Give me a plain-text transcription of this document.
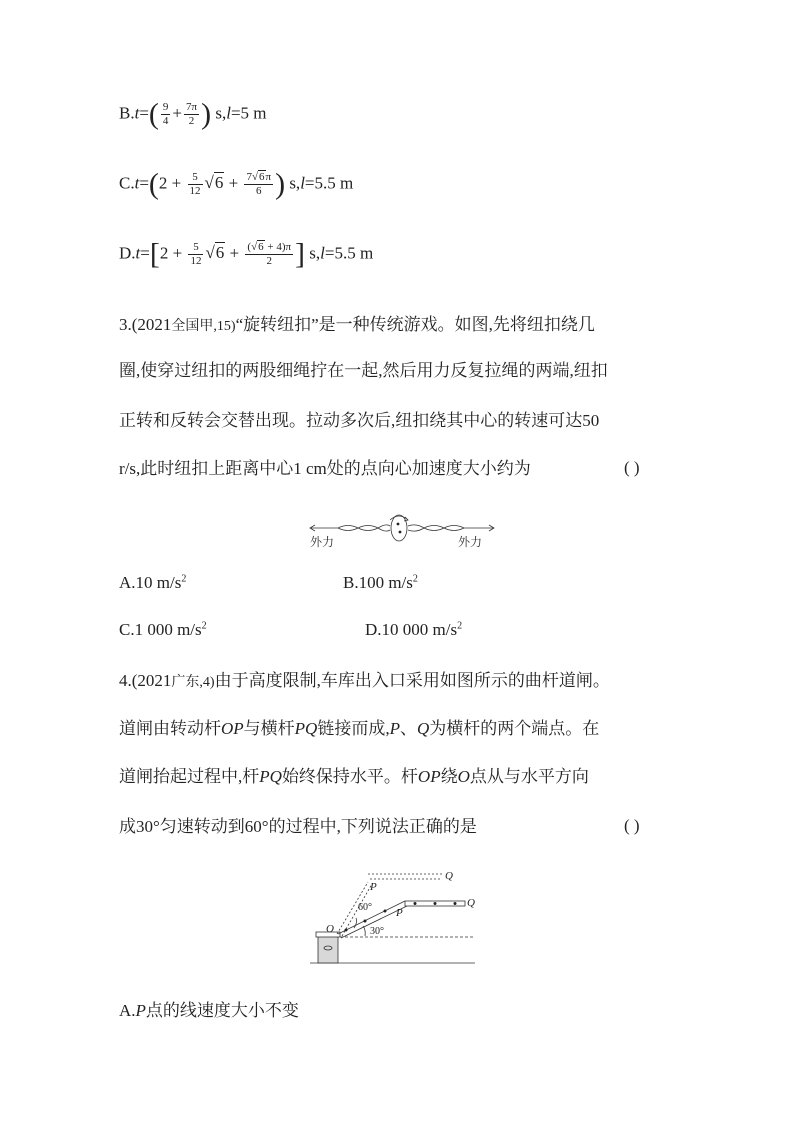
$B.t=( \frac{9}{4} + \frac{7\pi}{2}$ ) s,l=5 m
$C.t=(2 + \frac{5}{12} √6 + \frac{7√6\pi}{6}$ ) s,l=5.5 m
$D.t=[2 + \frac{5}{12} √6 + \frac{(√6 + 4)\pi}{2}$ ] s,l=5.5 m
3.(2021全国甲,15)“旋转纽扣”是一种传统游戏。如图,先将纽扣绕几
圈,使穿过纽扣的两股细绳拧在一起,然后用力反复拉绳的两端,纽扣
正转和反转会交替出现。拉动多次后,纽扣绕其中心的转速可达50
r/s,此时纽扣上距离中心1 cm处的点向心加速度大小约为	( )
外力	外力
A.10 $m/s^2$	B.100 $m/s^2$
C.1 000 $m/s^2$	D.10 000 $m/s^2$
4.(2021广东,4)由于高度限制,车库出入口采用如图所示的曲杆道闸。
道闸由转动杆OP与横杆PQ链接而成,P、Q为横杆的两个端点。在
道闸抬起过程中,杆PQ始终保持水平。杆OP绕O点从与水平方向
成30°匀速转动到60°的过程中,下列说法正确的是	( )
O
P
P
Q
Q
60°
30°
A.P点的线速度大小不变
